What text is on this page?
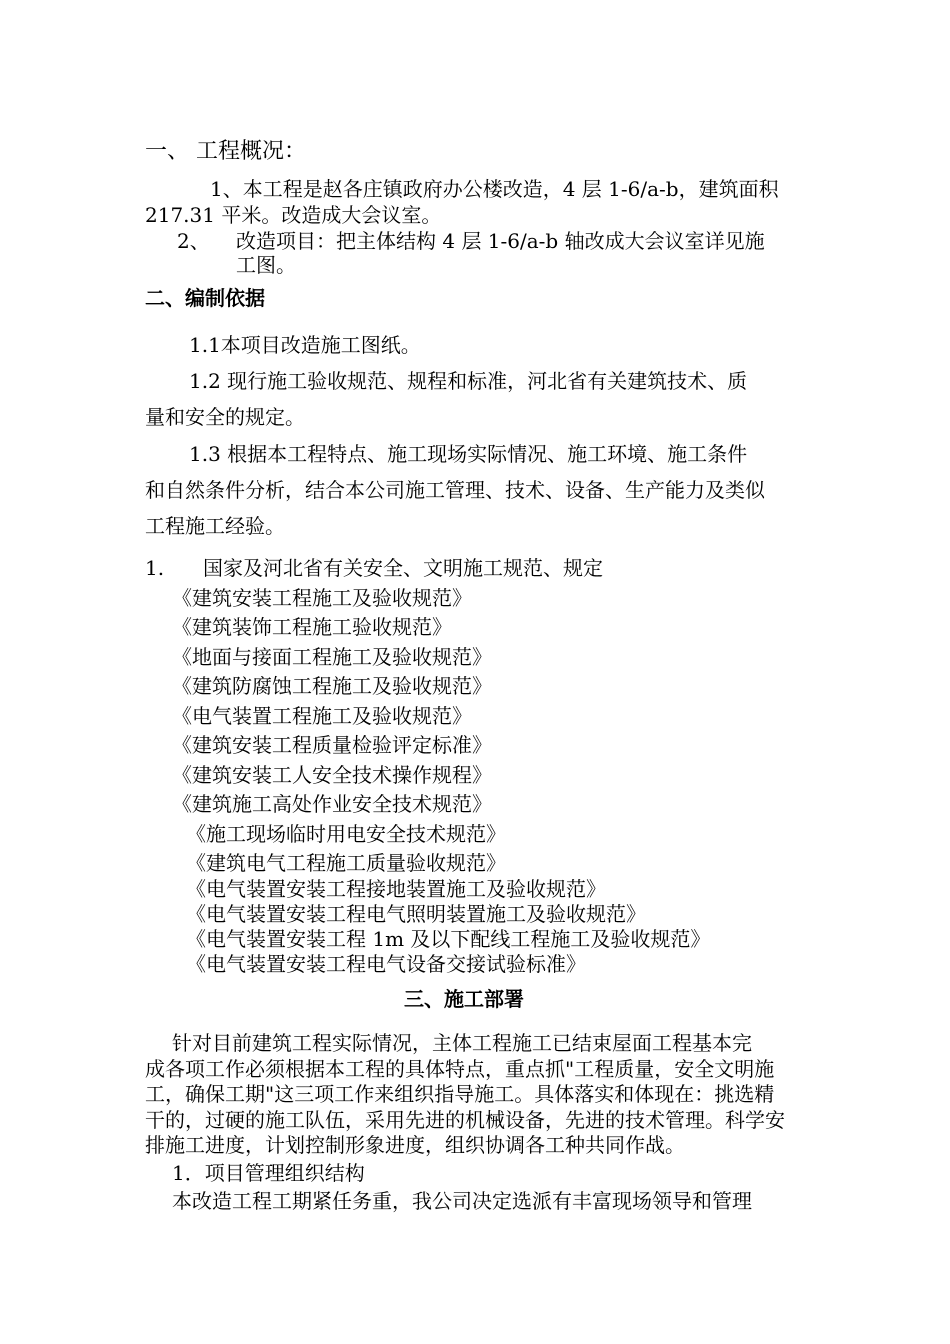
一、 工程概况：
1、本工程是赵各庄镇政府办公楼改造，4 层 1-6/a-b，建筑面积
217.31 平米。改造成大会议室。
2、 改造项目：把主体结构 4 层 1-6/a-b 轴改成大会议室详见施
工图。
二、编制依据
1.1本项目改造施工图纸。
1.2 现行施工验收规范、规程和标准，河北省有关建筑技术、质
量和安全的规定。
1.3 根据本工程特点、施工现场实际情况、施工环境、施工条件
和自然条件分析，结合本公司施工管理、技术、设备、生产能力及类似
工程施工经验。
1. 国家及河北省有关安全、文明施工规范、规定
《建筑安装工程施工及验收规范》
《建筑装饰工程施工验收规范》
《地面与接面工程施工及验收规范》
《建筑防腐蚀工程施工及验收规范》
《电气装置工程施工及验收规范》
《建筑安装工程质量检验评定标准》
《建筑安装工人安全技术操作规程》
《建筑施工高处作业安全技术规范》
《施工现场临时用电安全技术规范》
《建筑电气工程施工质量验收规范》
《电气装置安装工程接地装置施工及验收规范》
《电气装置安装工程电气照明装置施工及验收规范》
《电气装置安装工程 1m 及以下配线工程施工及验收规范》
《电气装置安装工程电气设备交接试验标准》
三、施工部署
针对目前建筑工程实际情况，主体工程施工已结束屋面工程基本完
成各项工作必须根据本工程的具体特点，重点抓"工程质量，安全文明施
工，确保工期"这三项工作来组织指导施工。具体落实和体现在：挑选精
干的，过硬的施工队伍，采用先进的机械设备，先进的技术管理。科学安
排施工进度，计划控制形象进度，组织协调各工种共同作战。
1．项目管理组织结构
本改造工程工期紧任务重，我公司决定选派有丰富现场领导和管理
